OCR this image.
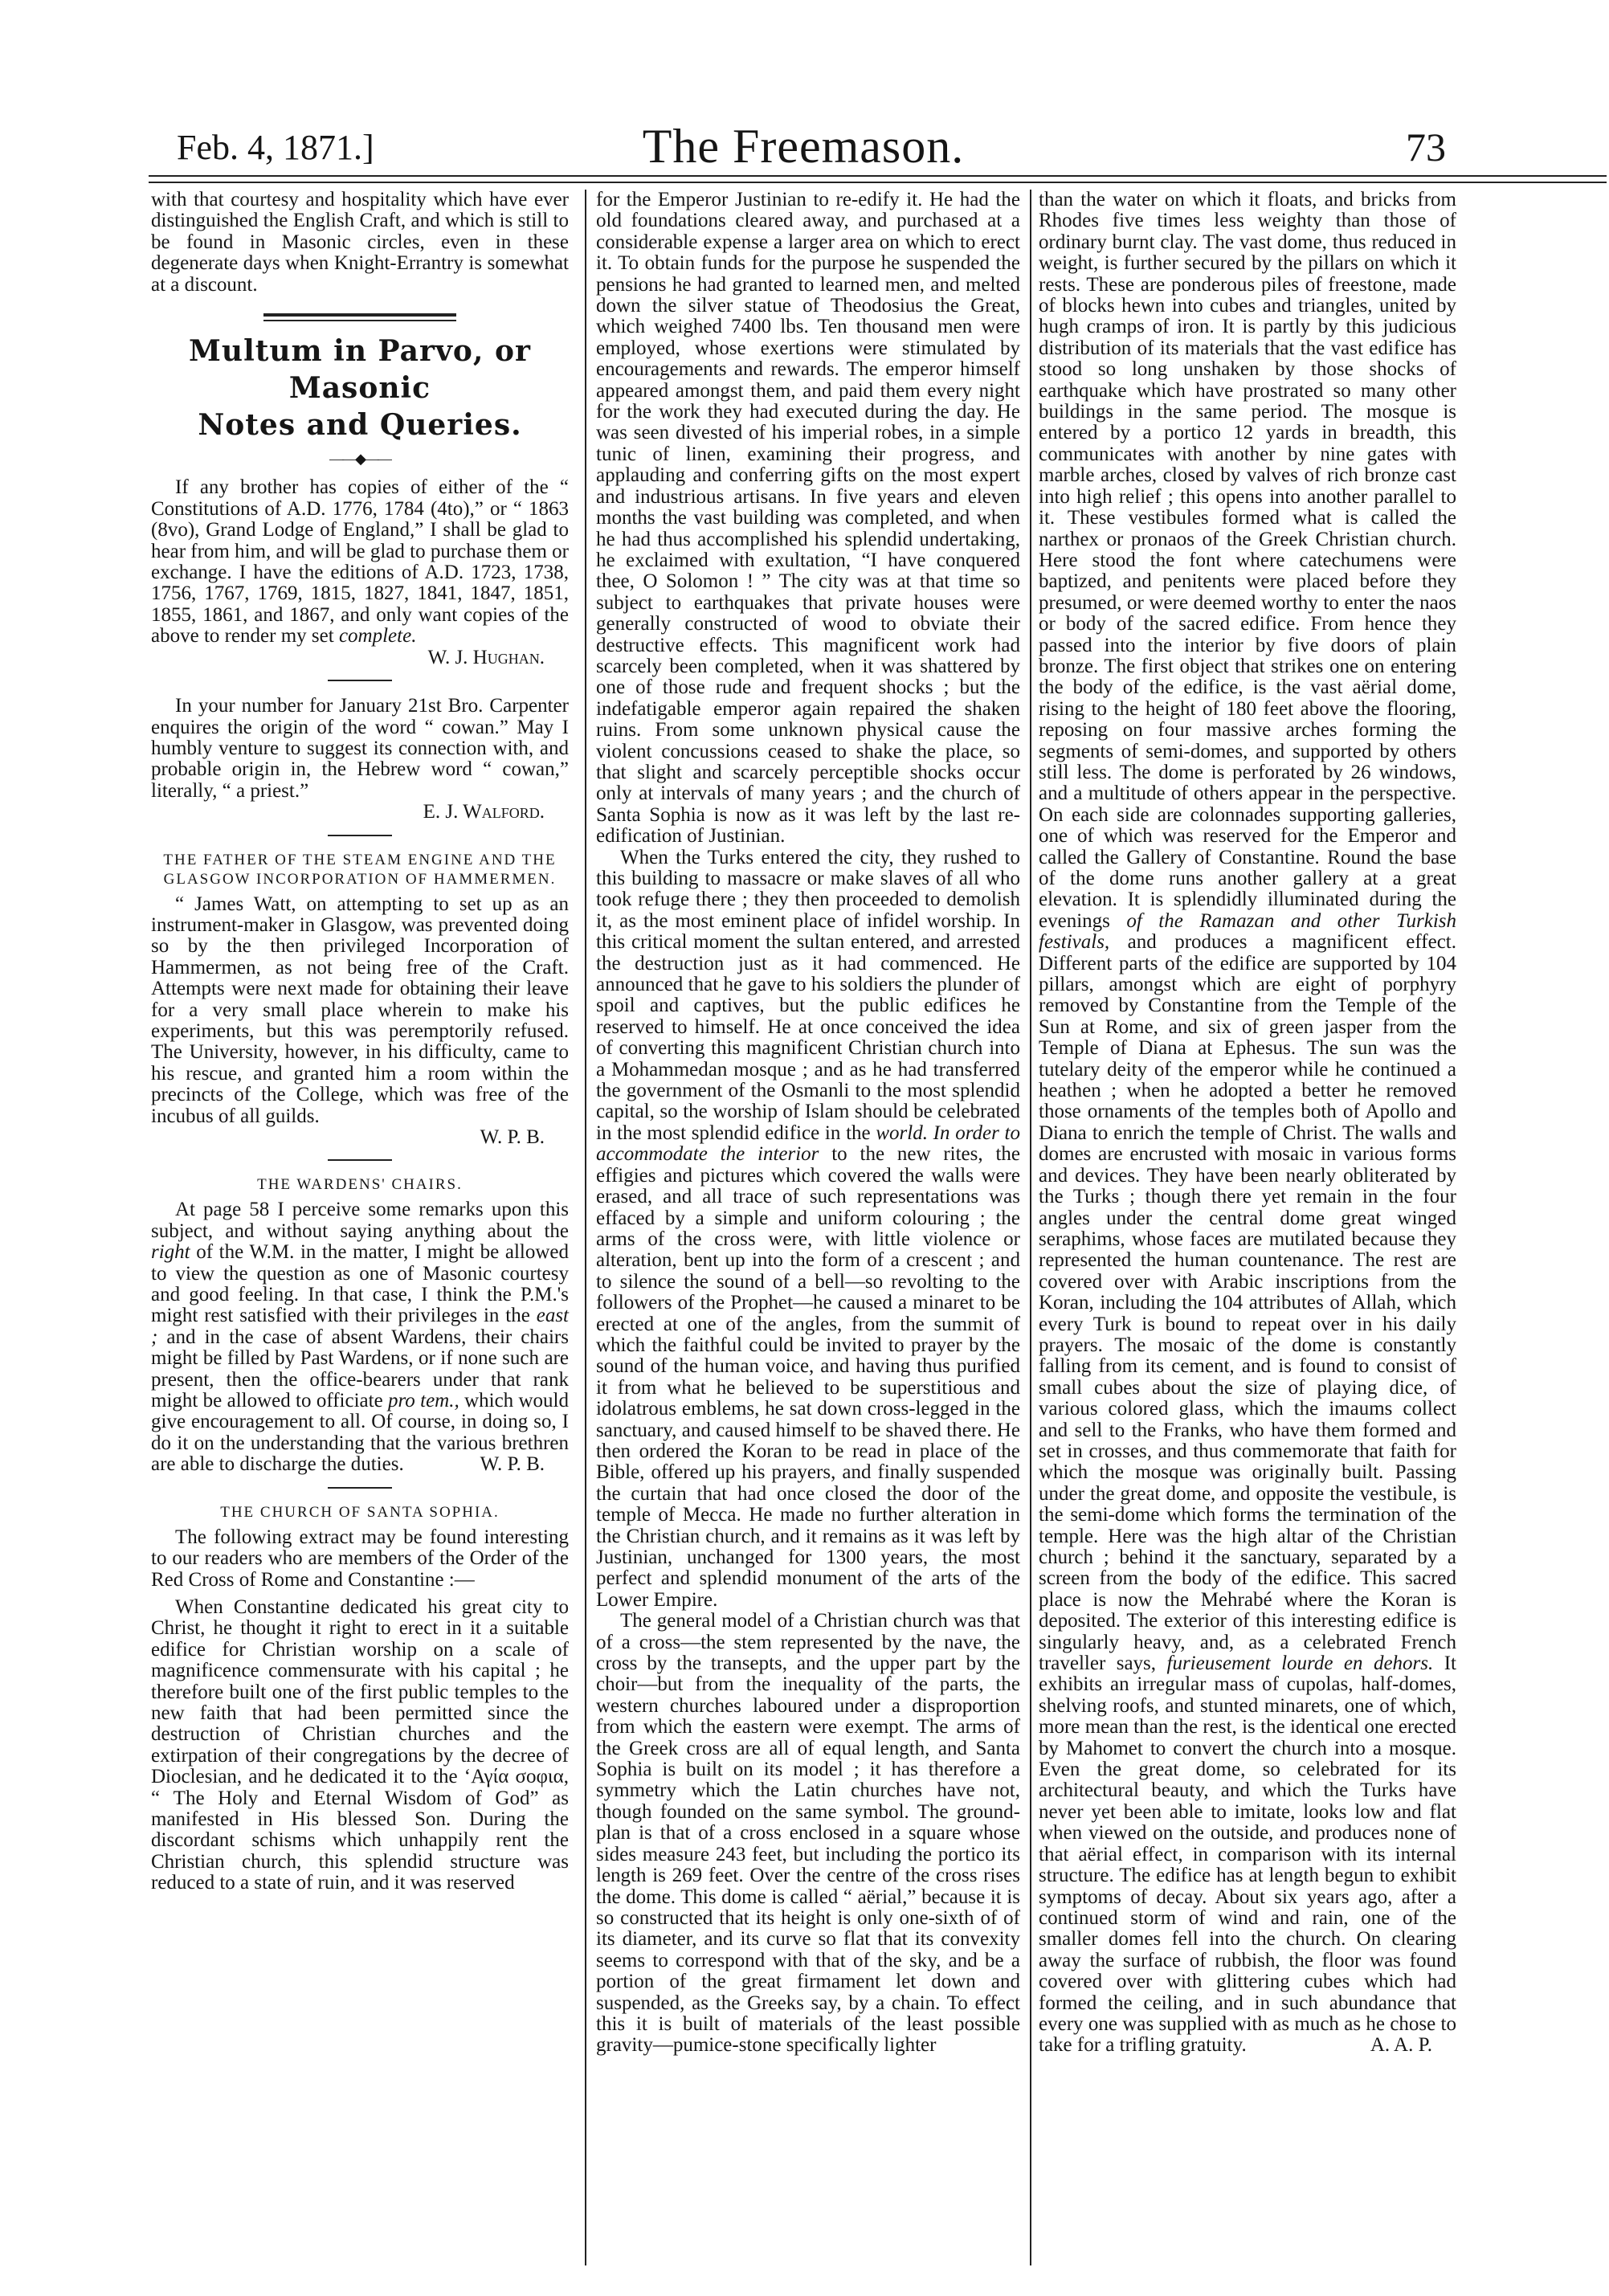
Feb. 4, 1871.]	The Freemason.	73

with that courtesy and hospitality which have ever distinguished the English Craft, and which is still to be found in Masonic circles, even in these degenerate days when Knight-Errantry is somewhat at a discount.

Multum in Parvo, or Masonic
Notes and Queries.
——◆——

If any brother has copies of either of the “ Constitutions of A.D. 1776, 1784 (4to),” or “ 1863 (8vo), Grand Lodge of England,” I shall be glad to hear from him, and will be glad to purchase them or exchange. I have the editions of A.D. 1723, 1738, 1756, 1767, 1769, 1815, 1827, 1841, 1847, 1851, 1855, 1861, and 1867, and only want copies of the above to render my set complete.

W. J. Hughan.

In your number for January 21st Bro. Carpenter enquires the origin of the word “ cowan.” May I humbly venture to suggest its connection with, and probable origin in, the Hebrew word “ cowan,” literally, “ a priest.”

E. J. Walford.

THE FATHER OF THE STEAM ENGINE AND THE GLASGOW INCORPORATION OF HAMMERMEN.

“ James Watt, on attempting to set up as an instrument-maker in Glasgow, was prevented doing so by the then privileged Incorporation of Hammermen, as not being free of the Craft. Attempts were next made for obtaining their leave for a very small place wherein to make his experiments, but this was peremptorily refused. The University, however, in his difficulty, came to his rescue, and granted him a room within the precincts of the College, which was free of the incubus of all guilds.

W. P. B.

THE WARDENS' CHAIRS.

At page 58 I perceive some remarks upon this subject, and without saying anything about the right of the W.M. in the matter, I might be allowed to view the question as one of Masonic courtesy and good feeling. In that case, I think the P.M.'s might rest satisfied with their privileges in the east ; and in the case of absent Wardens, their chairs might be filled by Past Wardens, or if none such are present, then the office-bearers under that rank might be allowed to officiate pro tem., which would give encouragement to all. Of course, in doing so, I do it on the understanding that the various brethren are able to discharge the duties.	W. P. B.

THE CHURCH OF SANTA SOPHIA.

The following extract may be found interesting to our readers who are members of the Order of the Red Cross of Rome and Constantine :—

When Constantine dedicated his great city to Christ, he thought it right to erect in it a suitable edifice for Christian worship on a scale of magnificence commensurate with his capital ; he therefore built one of the first public temples to the new faith that had been permitted since the destruction of Christian churches and the extirpation of their congregations by the decree of Dioclesian, and he dedicated it to the ‘Αγία σοφια, “ The Holy and Eternal Wisdom of God” as manifested in His blessed Son. During the discordant schisms which unhappily rent the Christian church, this splendid structure was reduced to a state of ruin, and it was reserved

for the Emperor Justinian to re-edify it. He had the old foundations cleared away, and purchased at a considerable expense a larger area on which to erect it. To obtain funds for the purpose he suspended the pensions he had granted to learned men, and melted down the silver statue of Theodosius the Great, which weighed 7400 lbs. Ten thousand men were employed, whose exertions were stimulated by encouragements and rewards. The emperor himself appeared amongst them, and paid them every night for the work they had executed during the day. He was seen divested of his imperial robes, in a simple tunic of linen, examining their progress, and applauding and conferring gifts on the most expert and industrious artisans. In five years and eleven months the vast building was completed, and when he had thus accomplished his splendid undertaking, he exclaimed with exultation, “I have conquered thee, O Solomon ! ” The city was at that time so subject to earthquakes that private houses were generally constructed of wood to obviate their destructive effects. This magnificent work had scarcely been completed, when it was shattered by one of those rude and frequent shocks ; but the indefatigable emperor again repaired the shaken ruins. From some unknown physical cause the violent concussions ceased to shake the place, so that slight and scarcely perceptible shocks occur only at intervals of many years ; and the church of Santa Sophia is now as it was left by the last re-edification of Justinian.

When the Turks entered the city, they rushed to this building to massacre or make slaves of all who took refuge there ; they then proceeded to demolish it, as the most eminent place of infidel worship. In this critical moment the sultan entered, and arrested the destruction just as it had commenced. He announced that he gave to his soldiers the plunder of spoil and captives, but the public edifices he reserved to himself. He at once conceived the idea of converting this magnificent Christian church into a Mohammedan mosque ; and as he had transferred the government of the Osmanli to the most splendid capital, so the worship of Islam should be celebrated in the most splendid edifice in the world. In order to accommodate the interior to the new rites, the effigies and pictures which covered the walls were erased, and all trace of such representations was effaced by a simple and uniform colouring ; the arms of the cross were, with little violence or alteration, bent up into the form of a crescent ; and to silence the sound of a bell—so revolting to the followers of the Prophet—he caused a minaret to be erected at one of the angles, from the summit of which the faithful could be invited to prayer by the sound of the human voice, and having thus purified it from what he believed to be superstitious and idolatrous emblems, he sat down cross-legged in the sanctuary, and caused himself to be shaved there. He then ordered the Koran to be read in place of the Bible, offered up his prayers, and finally suspended the curtain that had once closed the door of the temple of Mecca. He made no further alteration in the Christian church, and it remains as it was left by Justinian, unchanged for 1300 years, the most perfect and splendid monument of the arts of the Lower Empire.

The general model of a Christian church was that of a cross—the stem represented by the nave, the cross by the transepts, and the upper part by the choir—but from the inequality of the parts, the western churches laboured under a disproportion from which the eastern were exempt. The arms of the Greek cross are all of equal length, and Santa Sophia is built on its model ; it has therefore a symmetry which the Latin churches have not, though founded on the same symbol. The ground-plan is that of a cross enclosed in a square whose sides measure 243 feet, but including the portico its length is 269 feet. Over the centre of the cross rises the dome. This dome is called “ aërial,” because it is so constructed that its height is only one-sixth of of its diameter, and its curve so flat that its convexity seems to correspond with that of the sky, and be a portion of the great firmament let down and suspended, as the Greeks say, by a chain. To effect this it is built of materials of the least possible gravity—pumice-stone specifically lighter

than the water on which it floats, and bricks from Rhodes five times less weighty than those of ordinary burnt clay. The vast dome, thus reduced in weight, is further secured by the pillars on which it rests. These are ponderous piles of freestone, made of blocks hewn into cubes and triangles, united by hugh cramps of iron. It is partly by this judicious distribution of its materials that the vast edifice has stood so long unshaken by those shocks of earthquake which have prostrated so many other buildings in the same period. The mosque is entered by a portico 12 yards in breadth, this communicates with another by nine gates with marble arches, closed by valves of rich bronze cast into high relief ; this opens into another parallel to it. These vestibules formed what is called the narthex or pronaos of the Greek Christian church. Here stood the font where catechumens were baptized, and penitents were placed before they presumed, or were deemed worthy to enter the naos or body of the sacred edifice. From hence they passed into the interior by five doors of plain bronze. The first object that strikes one on entering the body of the edifice, is the vast aërial dome, rising to the height of 180 feet above the flooring, reposing on four massive arches forming the segments of semi-domes, and supported by others still less. The dome is perforated by 26 windows, and a multitude of others appear in the perspective. On each side are colonnades supporting galleries, one of which was reserved for the Emperor and called the Gallery of Constantine. Round the base of the dome runs another gallery at a great elevation. It is splendidly illuminated during the evenings of the Ramazan and other Turkish festivals, and produces a magnificent effect. Different parts of the edifice are supported by 104 pillars, amongst which are eight of porphyry removed by Constantine from the Temple of the Sun at Rome, and six of green jasper from the Temple of Diana at Ephesus. The sun was the tutelary deity of the emperor while he continued a heathen ; when he adopted a better he removed those ornaments of the temples both of Apollo and Diana to enrich the temple of Christ. The walls and domes are encrusted with mosaic in various forms and devices. They have been nearly obliterated by the Turks ; though there yet remain in the four angles under the central dome great winged seraphims, whose faces are mutilated because they represented the human countenance. The rest are covered over with Arabic inscriptions from the Koran, including the 104 attributes of Allah, which every Turk is bound to repeat over in his daily prayers. The mosaic of the dome is constantly falling from its cement, and is found to consist of small cubes about the size of playing dice, of various colored glass, which the imaums collect and sell to the Franks, who have them formed and set in crosses, and thus commemorate that faith for which the mosque was originally built. Passing under the great dome, and opposite the vestibule, is the semi-dome which forms the termination of the temple. Here was the high altar of the Christian church ; behind it the sanctuary, separated by a screen from the body of the edifice. This sacred place is now the Mehrabé where the Koran is deposited. The exterior of this interesting edifice is singularly heavy, and, as a celebrated French traveller says, furieusement lourde en dehors. It exhibits an irregular mass of cupolas, half-domes, shelving roofs, and stunted minarets, one of which, more mean than the rest, is the identical one erected by Mahomet to convert the church into a mosque. Even the great dome, so celebrated for its architectural beauty, and which the Turks have never yet been able to imitate, looks low and flat when viewed on the outside, and produces none of that aërial effect, in comparison with its internal structure. The edifice has at length begun to exhibit symptoms of decay. About six years ago, after a continued storm of wind and rain, one of the smaller domes fell into the church. On clearing away the surface of rubbish, the floor was found covered over with glittering cubes which had formed the ceiling, and in such abundance that every one was supplied with as much as he chose to take for a trifling gratuity.	A. A. P.
